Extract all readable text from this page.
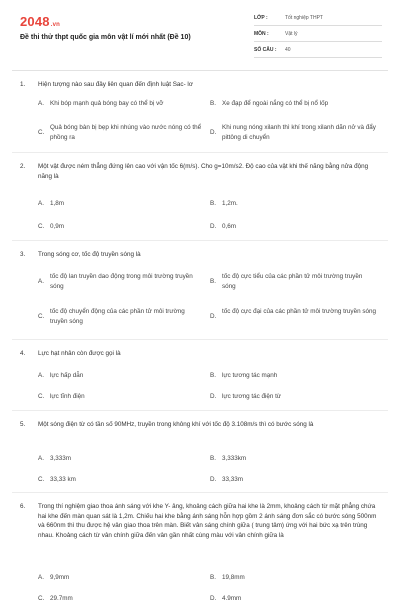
2048.vn
Đề thi thử thpt quốc gia môn vật lí mới nhất (Đề 10)
LỚP :	Tốt nghiệp THPT
MÔN :	Vật lý
SỐ CÂU : 40
1.	Hiện tượng nào sau đây liên quan đến định luật Sac- lơ
A. Khi bóp mạnh quả bóng bay có thể bị vỡ	B. Xe đạp để ngoài nắng có thể bị nổ lốp
C.
Quả bóng bàn bị bẹp khi nhúng vào nước nóng có thể phồng ra
D.
Khi nung nóng xilanh thì khí trong xilanh dãn nở và đẩy pittông di chuyển
2.	Một vật được ném thẳng đứng lên cao với vận tốc 6(m/s). Cho g=10m/s2. Độ cao của vật khi thế năng bằng nửa động năng là
A. 1,8m	B. 1,2m.
C. 0,9m	D. 0,6m
3.	Trong sóng cơ, tốc độ truyền sóng là
A.
tốc độ lan truyền dao động trong môi trường truyền sóng
B.
tốc độ cực tiểu của các phần tử môi trường truyền sóng
C.
tốc độ chuyển động của các phần tử môi trường truyền sóng
D.
tốc độ cực đại của các phần tử môi trường truyền sóng
4.	Lực hạt nhân còn được gọi là
A. lực hấp dẫn	B. lực tương tác mạnh
C. lực tĩnh điện	D. lực tương tác điện từ
5.	Một sóng điện từ có tần số 90MHz, truyền trong không khí với tốc độ 3.108m/s thì có bước sóng là
A. 3,333m	B. 3,333km
C. 33,33 km	D. 33,33m
6.	Trong thí nghiệm giao thoa ánh sáng với khe Y- âng, khoảng cách giữa hai khe là 2mm, khoảng cách từ mặt phẳng chứa hai khe đến màn quan sát là 1,2m. Chiếu hai khe bằng ánh sáng hỗn hợp gồm 2 ánh sáng đơn sắc có bước sóng 500nm và 660nm thì thu được hệ vân giao thoa trên màn. Biết vân sáng chính giữa ( trung tâm) ứng với hai bức xạ trên trùng nhau. Khoảng cách từ vân chính giữa đến vân gần nhất cùng màu với vân chính giữa là
A. 9,9mm	B. 19,8mm
C. 29,7mm	D. 4,9mm
